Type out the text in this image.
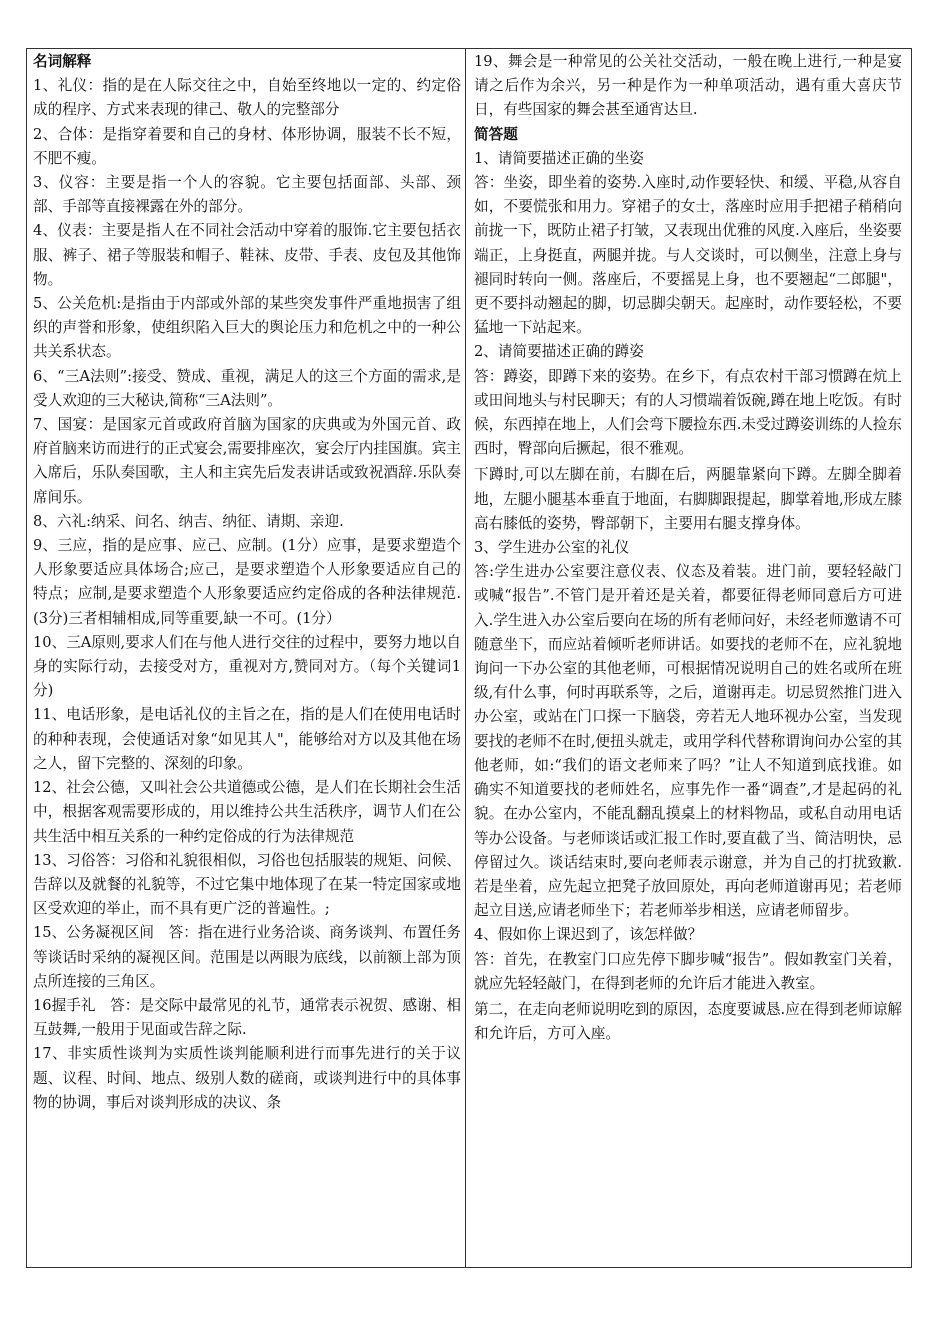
名词解释

1、礼仪：指的是在人际交往之中，自始至终地以一定的、约定俗成的程序、方式来表现的律己、敬人的完整部分

2、合体：是指穿着要和自己的身材、体形协调，服装不长不短，不肥不瘦。

3、仪容：主要是指一个人的容貌。它主要包括面部、头部、颈部、手部等直接裸露在外的部分。

4、仪表：主要是指人在不同社会活动中穿着的服饰.它主要包括衣服、裤子、裙子等服装和帽子、鞋袜、皮带、手表、皮包及其他饰物。

5、公关危机:是指由于内部或外部的某些突发事件严重地损害了组织的声誉和形象，使组织陷入巨大的舆论压力和危机之中的一种公共关系状态。

6、“三A法则”:接受、赞成、重视，满足人的这三个方面的需求,是受人欢迎的三大秘诀,简称“三A法则”。

7、国宴：是国家元首或政府首脑为国家的庆典或为外国元首、政府首脑来访而进行的正式宴会,需要排座次，宴会厅内挂国旗。宾主入席后，乐队奏国歌，主人和主宾先后发表讲话或致祝酒辞.乐队奏席间乐。

8、六礼:纳采、问名、纳吉、纳征、请期、亲迎.

9、三应，指的是应事、应己、应制。(1分）应事，是要求塑造个人形象要适应具体场合;应己，是要求塑造个人形象要适应自己的特点；应制,是要求塑造个人形象要适应约定俗成的各种法律规范.(3分)三者相辅相成,同等重要,缺一不可。(1分）

10、三A原则,要求人们在与他人进行交往的过程中，要努力地以自身的实际行动，去接受对方，重视对方,赞同对方。（每个关键词1分)

11、电话形象，是电话礼仪的主旨之在，指的是人们在使用电话时的种种表现，会使通话对象“如见其人"，能够给对方以及其他在场之人，留下完整的、深刻的印象。

12、社会公德，又叫社会公共道德或公德，是人们在长期社会生活中，根据客观需要形成的，用以维持公共生活秩序，调节人们在公共生活中相互关系的一种约定俗成的行为法律规范

13、习俗答：习俗和礼貌很相似，习俗也包括服装的规矩、问候、告辞以及就餐的礼貌等，不过它集中地体现了在某一特定国家或地区受欢迎的举止，而不具有更广泛的普遍性。;

15、公务凝视区间　答：指在进行业务洽谈、商务谈判、布置任务等谈话时采纳的凝视区间。范围是以两眼为底线，以前额上部为顶点所连接的三角区。

16握手礼　答：是交际中最常见的礼节，通常表示祝贺、感谢、相互鼓舞,一般用于见面或告辞之际.

17、非实质性谈判为实质性谈判能顺利进行而事先进行的关于议题、议程、时间、地点、级别人数的磋商，或谈判进行中的具体事物的协调，事后对谈判形成的决议、条

19、舞会是一种常见的公关社交活动，一般在晚上进行,一种是宴请之后作为余兴，另一种是作为一种单项活动，遇有重大喜庆节日，有些国家的舞会甚至通宵达旦.

简答题

1、请简要描述正确的坐姿

答：坐姿，即坐着的姿势.入座时,动作要轻快、和缓、平稳,从容自如，不要慌张和用力。穿裙子的女士，落座时应用手把裙子稍稍向前拢一下，既防止裙子打皱，又表现出优雅的风度.入座后，坐姿要端正，上身挺直，两腿并拢。与人交谈时，可以侧坐，注意上身与褪同时转向一侧。落座后，不要摇晃上身，也不要翘起“二郎腿"，更不要抖动翘起的脚，切忌脚尖朝天。起座时，动作要轻松，不要猛地一下站起来。

2、请简要描述正确的蹲姿

答：蹲姿，即蹲下来的姿势。在乡下，有点农村干部习惯蹲在炕上或田间地头与村民聊天；有的人习惯端着饭碗,蹲在地上吃饭。有时候，东西掉在地上，人们会弯下腰捡东西.未受过蹲姿训练的人捡东西时，臀部向后撅起，很不雅观。

下蹲时,可以左脚在前，右脚在后，两腿靠紧向下蹲。左脚全脚着地，左腿小腿基本垂直于地面，右脚脚跟提起，脚掌着地,形成左膝高右膝低的姿势，臀部朝下，主要用右腿支撑身体。

3、学生进办公室的礼仪

答:学生进办公室要注意仪表、仪态及着装。进门前，要轻轻敲门或喊“报告”.不管门是开着还是关着，都要征得老师同意后方可进入.学生进入办公室后要向在场的所有老师问好，未经老师邀请不可随意坐下，而应站着倾听老师讲话。如要找的老师不在，应礼貌地询问一下办公室的其他老师，可根据情况说明自己的姓名或所在班级,有什么事，何时再联系等，之后，道谢再走。切忌贸然推门进入办公室，或站在门口探一下脑袋，旁若无人地环视办公室，当发现要找的老师不在时,便扭头就走，或用学科代替称谓询问办公室的其他老师，如:“我们的语文老师来了吗？”让人不知道到底找谁。如确实不知道要找的老师姓名，应事先作一番“调查”,才是起码的礼貌。在办公室内，不能乱翻乱摸桌上的材料物品，或私自动用电话等办公设备。与老师谈话或汇报工作时,要直截了当、简洁明快，忌停留过久。谈话结束时,要向老师表示谢意，并为自己的打扰致歉.若是坐着，应先起立把凳子放回原处，再向老师道谢再见；若老师起立目送,应请老师坐下；若老师举步相送，应请老师留步。

4、假如你上课迟到了，该怎样做？

答：首先，在教室门口应先停下脚步喊“报告”。假如教室门关着，就应先轻轻敲门，在得到老师的允许后才能进入教室。

第二，在走向老师说明吃到的原因，态度要诚恳.应在得到老师谅解和允许后，方可入座。
